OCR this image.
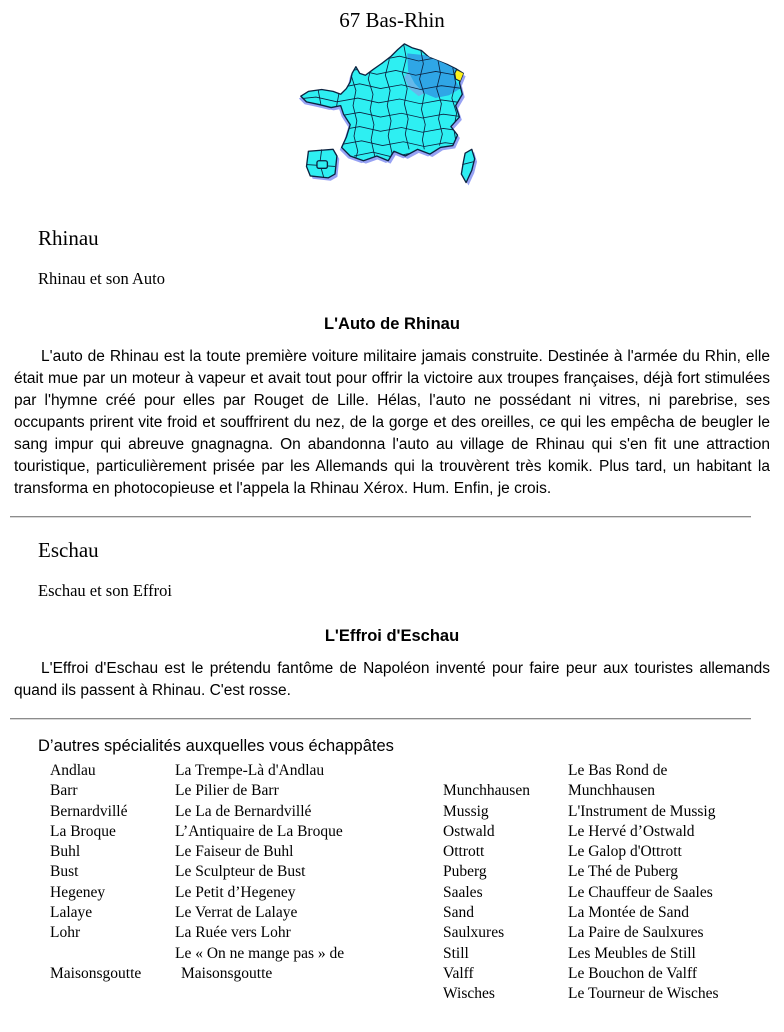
67 Bas-Rhin
Rhinau
Rhinau et son Auto
L'Auto de Rhinau

L'auto de Rhinau est la toute première voiture militaire jamais construite. Destinée à l'armée du Rhin, elle était mue par un moteur à vapeur et avait tout pour offrir la victoire aux troupes françaises, déjà fort stimulées par l'hymne créé pour elles par Rouget de Lille. Hélas, l'auto ne possédant ni vitres, ni parebrise, ses occupants prirent vite froid et souffrirent du nez, de la gorge et des oreilles, ce qui les empêcha de beugler le sang impur qui abreuve gnagnagna. On abandonna l'auto au village de Rhinau qui s'en fit une attraction touristique, particulièrement prisée par les Allemands qui la trouvèrent très komik. Plus tard, un habitant la transforma en photocopieuse et l'appela la Rhinau Xérox. Hum. Enfin, je crois.

Eschau
Eschau et son Effroi
L'Effroi d'Eschau

L'Effroi d'Eschau est le prétendu fantôme de Napoléon inventé pour faire peur aux touristes allemands quand ils passent à Rhinau. C'est rosse.

D’autres spécialités auxquelles vous échappâtes
Andlau	La Trempe-Là d'Andlau
Barr	Le Pilier de Barr
Bernardvillé	Le La de Bernardvillé
La Broque	L’Antiquaire de La Broque
Buhl	Le Faiseur de Buhl
Bust	Le Sculpteur de Bust
Hegeney	Le Petit d’Hegeney
Lalaye	Le Verrat de Lalaye
Lohr	La Ruée vers Lohr
Maisonsgoutte	Le « On ne mange pas » de Maisonsgoutte
Munchhausen	Le Bas Rond de Munchhausen
Mussig	L'Instrument de Mussig
Ostwald	Le Hervé d’Ostwald
Ottrott	Le Galop d'Ottrott
Puberg	Le Thé de Puberg
Saales	Le Chauffeur de Saales
Sand	La Montée de Sand
Saulxures	La Paire de Saulxures
Still	Les Meubles de Still
Valff	Le Bouchon de Valff
Wisches	Le Tourneur de Wisches
